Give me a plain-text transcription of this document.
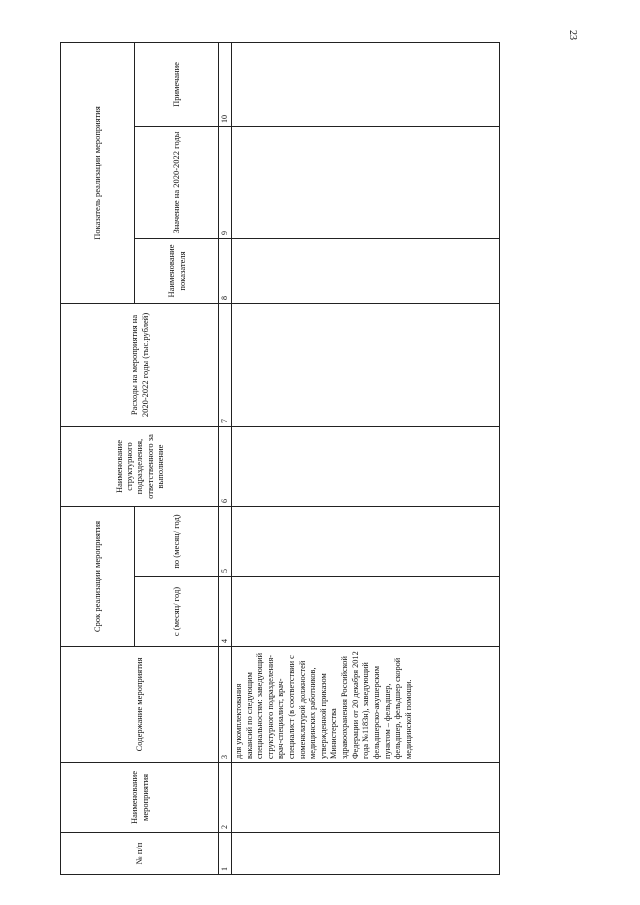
23
№ п/п	Наименование мероприятия	Содержание мероприятия	Срок реализации мероприятия		Наименование структурного подразделения, ответственного за выполнение	Расходы на мероприятия на 2020-2022 годы (тыс.рублей)	Показатель реализации мероприятия		
			с (месяц/ год)	по (месяц/ год)			Наименование показателя	Значение на 2020-2022 годы	Примечание
1	2	3	4	5	6	7	8	9	10
		для укомплектования вакансий по следующим специальностям: заведующий структурного подразделения-врач-специалист, врач-специалист (в соответствии с номенклатурой должностей медицинских работников, утвержденной приказом Министерства здравоохранения Российской Федерации от 20 декабря 2012 года №1183н), заведующий фельдшерско-акушерским пунктом – фельдшер, фельдшер, фельдшер скорой медицинской помощи.							
